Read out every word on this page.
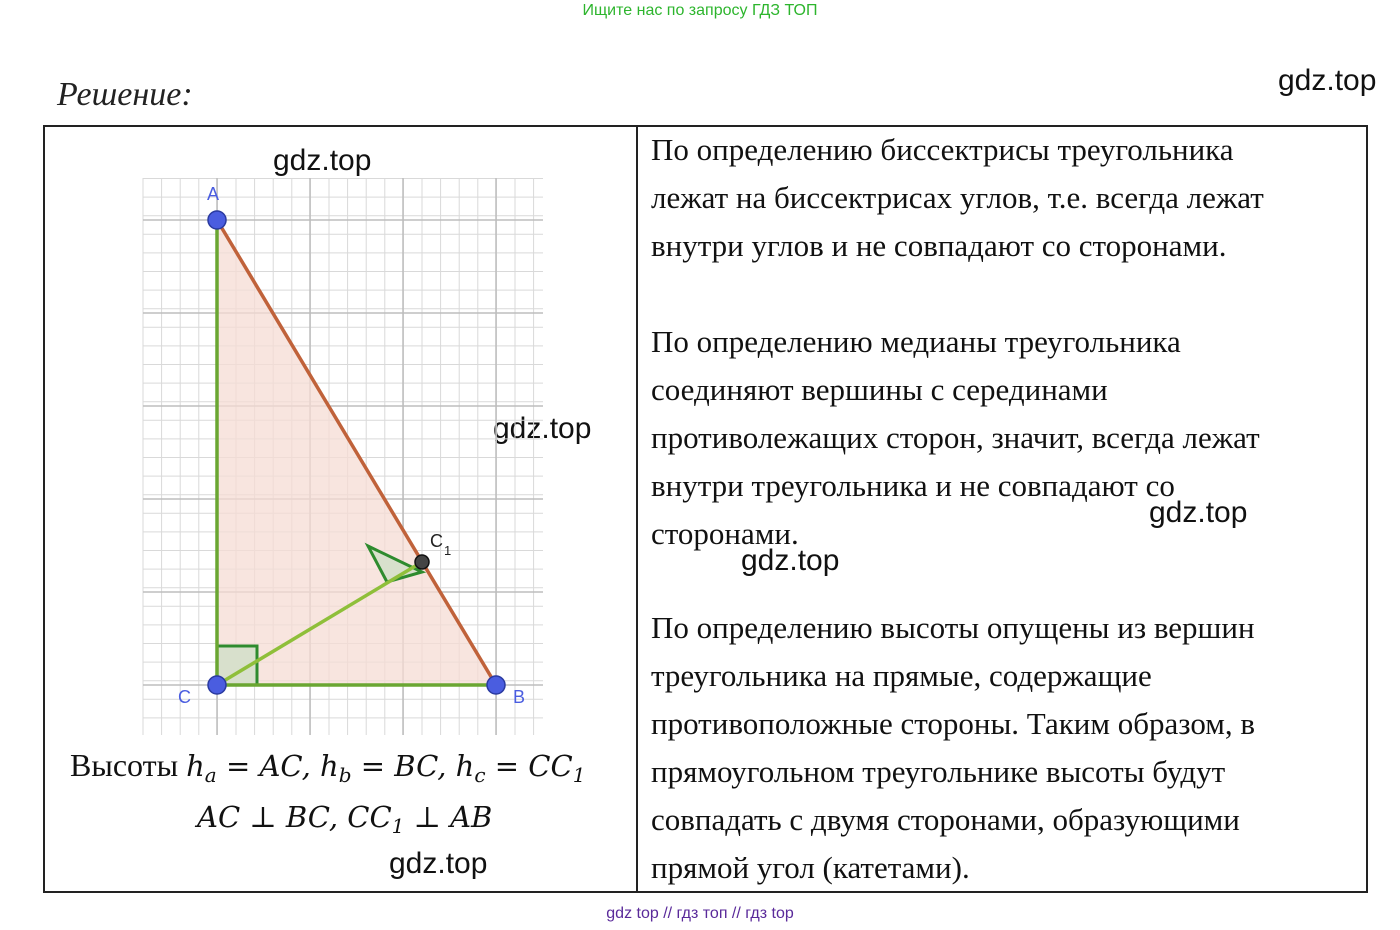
Ищите нас по запросу ГДЗ ТОП
Решение:	gdz.top
gdz.top
gdz.top
gdz.top
gdz.top
gdz.top
A
C	B
C 1
Высоты $h_a$ = AC, $h_b$ = BC, $h_c = CC_1$
AC ⊥ BC, $CC_1$ ⊥ AB

По определению биссектрисы треугольника
лежат на биссектрисах углов, т.е. всегда лежат
внутри углов и не совпадают со сторонами.

По определению медианы треугольника
соединяют вершины с серединами
противолежащих сторон, значит, всегда лежат
внутри треугольника и не совпадают со
сторонами.

По определению высоты опущены из вершин
треугольника на прямые, содержащие
противоположные стороны. Таким образом, в
прямоугольном треугольнике высоты будут
совпадать с двумя сторонами, образующими
прямой угол (катетами).

gdz top // гдз топ // гдз top
